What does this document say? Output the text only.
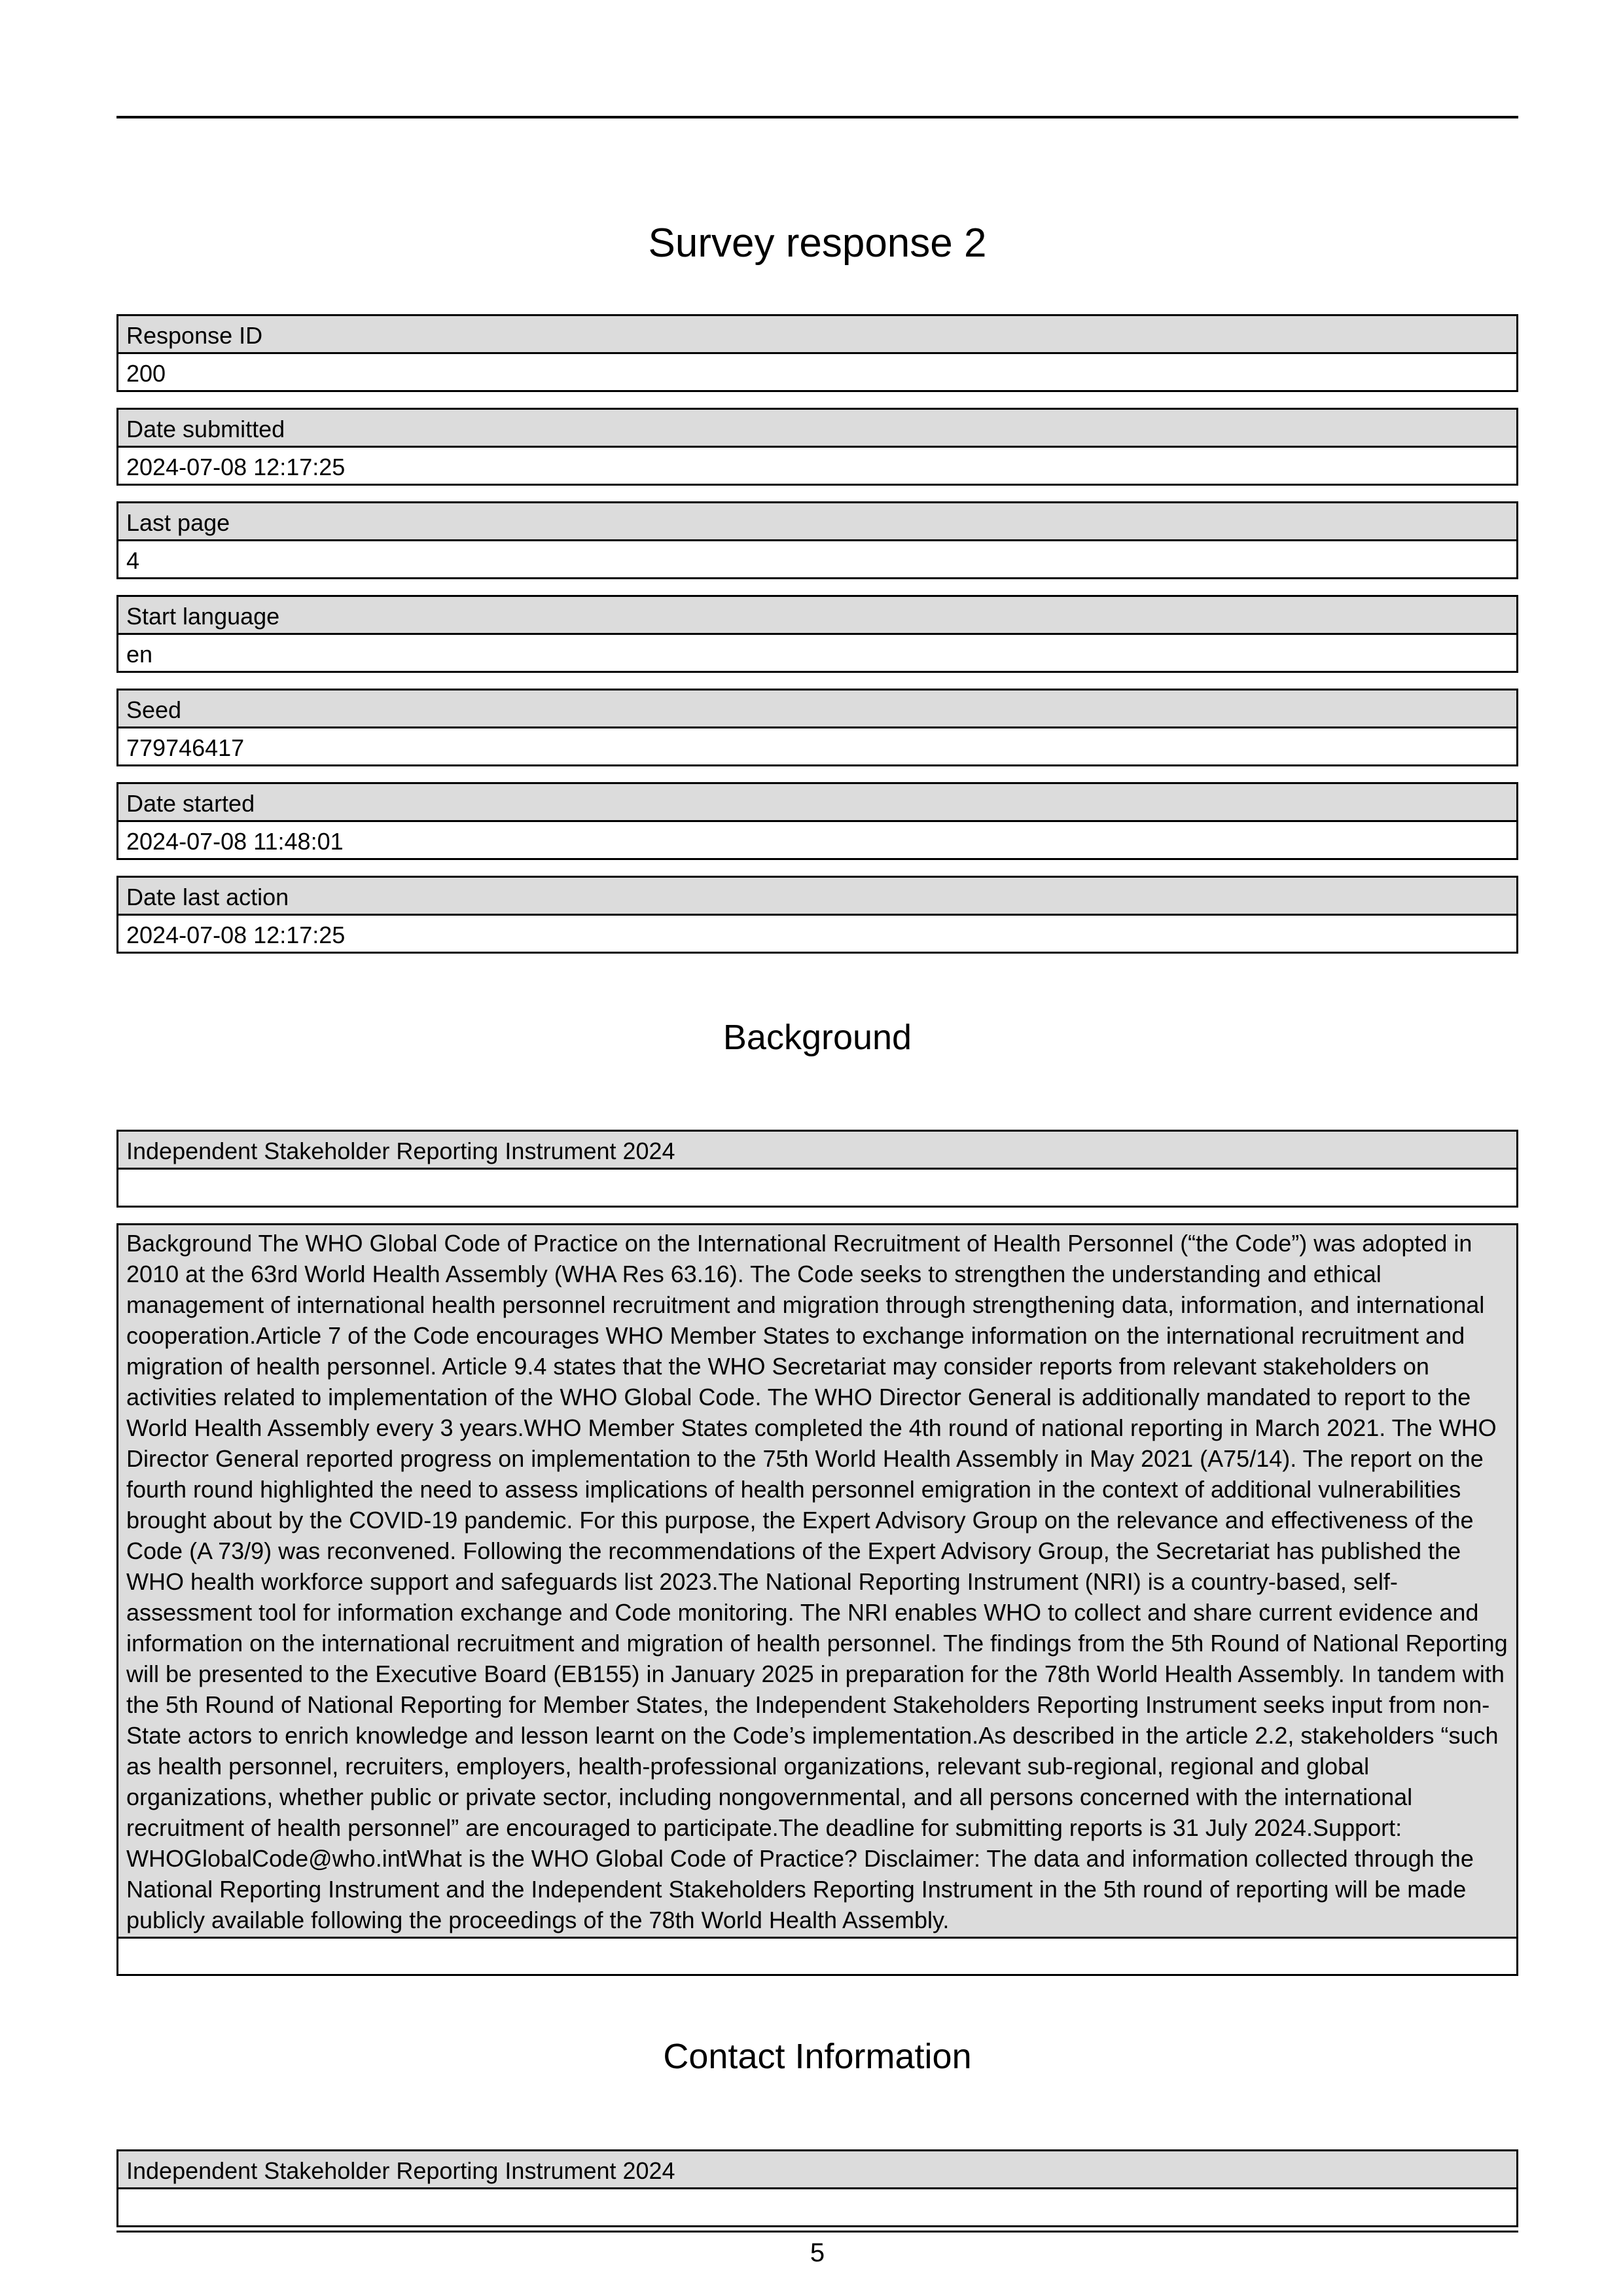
Survey response 2
Response ID
200
Date submitted
2024-07-08 12:17:25
Last page
4
Start language
en
Seed
779746417
Date started
2024-07-08 11:48:01
Date last action
2024-07-08 12:17:25
Background
Independent Stakeholder Reporting Instrument 2024
Background The WHO Global Code of Practice on the International Recruitment of Health Personnel (“the Code”) was adopted in 2010 at the 63rd World Health Assembly (WHA Res 63.16). The Code seeks to strengthen the understanding and ethical management of international health personnel recruitment and migration through strengthening data, information, and international cooperation.Article 7 of the Code encourages WHO Member States to exchange information on the international recruitment and migration of health personnel. Article 9.4 states that the WHO Secretariat may consider reports from relevant stakeholders on activities related to implementation of the WHO Global Code. The WHO Director General is additionally mandated to report to the World Health Assembly every 3 years.WHO Member States completed the 4th round of national reporting in March 2021. The WHO Director General reported progress on implementation to the 75th World Health Assembly in May 2021 (A75/14). The report on the fourth round highlighted the need to assess implications of health personnel emigration in the context of additional vulnerabilities brought about by the COVID-19 pandemic. For this purpose, the Expert Advisory Group on the relevance and effectiveness of the Code (A 73/9) was reconvened. Following the recommendations of the Expert Advisory Group, the Secretariat has published the WHO health workforce support and safeguards list 2023.The National Reporting Instrument (NRI) is a country-based, self-assessment tool for information exchange and Code monitoring. The NRI enables WHO to collect and share current evidence and information on the international recruitment and migration of health personnel. The findings from the 5th Round of National Reporting will be presented to the Executive Board (EB155) in January 2025 in preparation for the 78th World Health Assembly. In tandem with the 5th Round of National Reporting for Member States, the Independent Stakeholders Reporting Instrument seeks input from non-State actors to enrich knowledge and lesson learnt on the Code’s implementation.As described in the article 2.2, stakeholders “such as health personnel, recruiters, employers, health-professional organizations, relevant sub-regional, regional and global organizations, whether public or private sector, including nongovernmental, and all persons concerned with the international recruitment of health personnel” are encouraged to participate.The deadline for submitting reports is 31 July 2024.Support: WHOGlobalCode@who.intWhat is the WHO Global Code of Practice? Disclaimer: The data and information collected through the National Reporting Instrument and the Independent Stakeholders Reporting Instrument in the 5th round of reporting will be made publicly available following the proceedings of the 78th World Health Assembly.
Contact Information
Independent Stakeholder Reporting Instrument 2024
5
